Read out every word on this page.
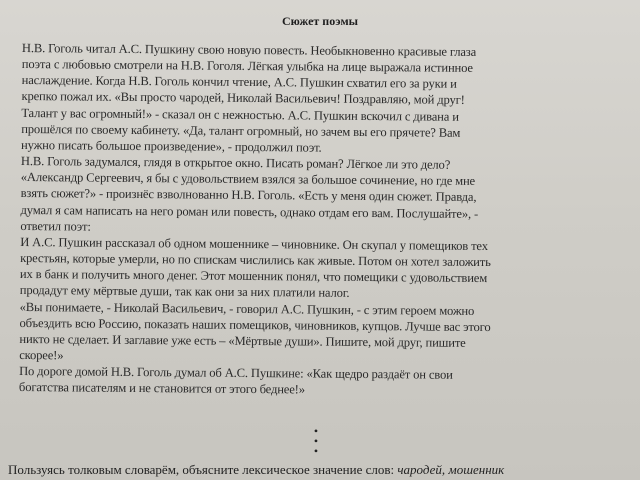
Сюжет поэмы
Н.В. Гоголь читал А.С. Пушкину свою новую повесть. Необыкновенно красивые глаза
поэта с любовью смотрели на Н.В. Гоголя. Лёгкая улыбка на лице выражала истинное
наслаждение. Когда Н.В. Гоголь кончил чтение, А.С. Пушкин схватил его за руки и
крепко пожал их. «Вы просто чародей, Николай Васильевич! Поздравляю, мой друг!
Талант у вас огромный!» - сказал он с нежностью. А.С. Пушкин вскочил с дивана и
прошёлся по своему кабинету. «Да, талант огромный, но зачем вы его прячете? Вам
нужно писать большое произведение», - продолжил поэт.
Н.В. Гоголь задумался, глядя в открытое окно. Писать роман? Лёгкое ли это дело?
«Александр Сергеевич, я бы с удовольствием взялся за большое сочинение, но где мне
взять сюжет?» - произнёс взволнованно Н.В. Гоголь. «Есть у меня один сюжет. Правда,
думал я сам написать на него роман или повесть, однако отдам его вам. Послушайте», -
ответил поэт:
И А.С. Пушкин рассказал об одном мошеннике – чиновнике. Он скупал у помещиков тех
крестьян, которые умерли, но по спискам числились как живые. Потом он хотел заложить
их в банк и получить много денег. Этот мошенник понял, что помещики с удовольствием
продадут ему мёртвые души, так как они за них платили налог.
«Вы понимаете, - Николай Васильевич, - говорил А.С. Пушкин, - с этим героем можно
объездить всю Россию, показать наших помещиков, чиновников, купцов. Лучше вас этого
никто не сделает. И заглавие уже есть – «Мёртвые души». Пишите, мой друг, пишите
скорее!»
По дороге домой Н.В. Гоголь думал об А.С. Пушкине: «Как щедро раздаёт он свои
богатства писателям и не становится от этого беднее!»
•
•
•
Пользуясь толковым словарём, объясните лексическое значение слов: чародей, мошенник
